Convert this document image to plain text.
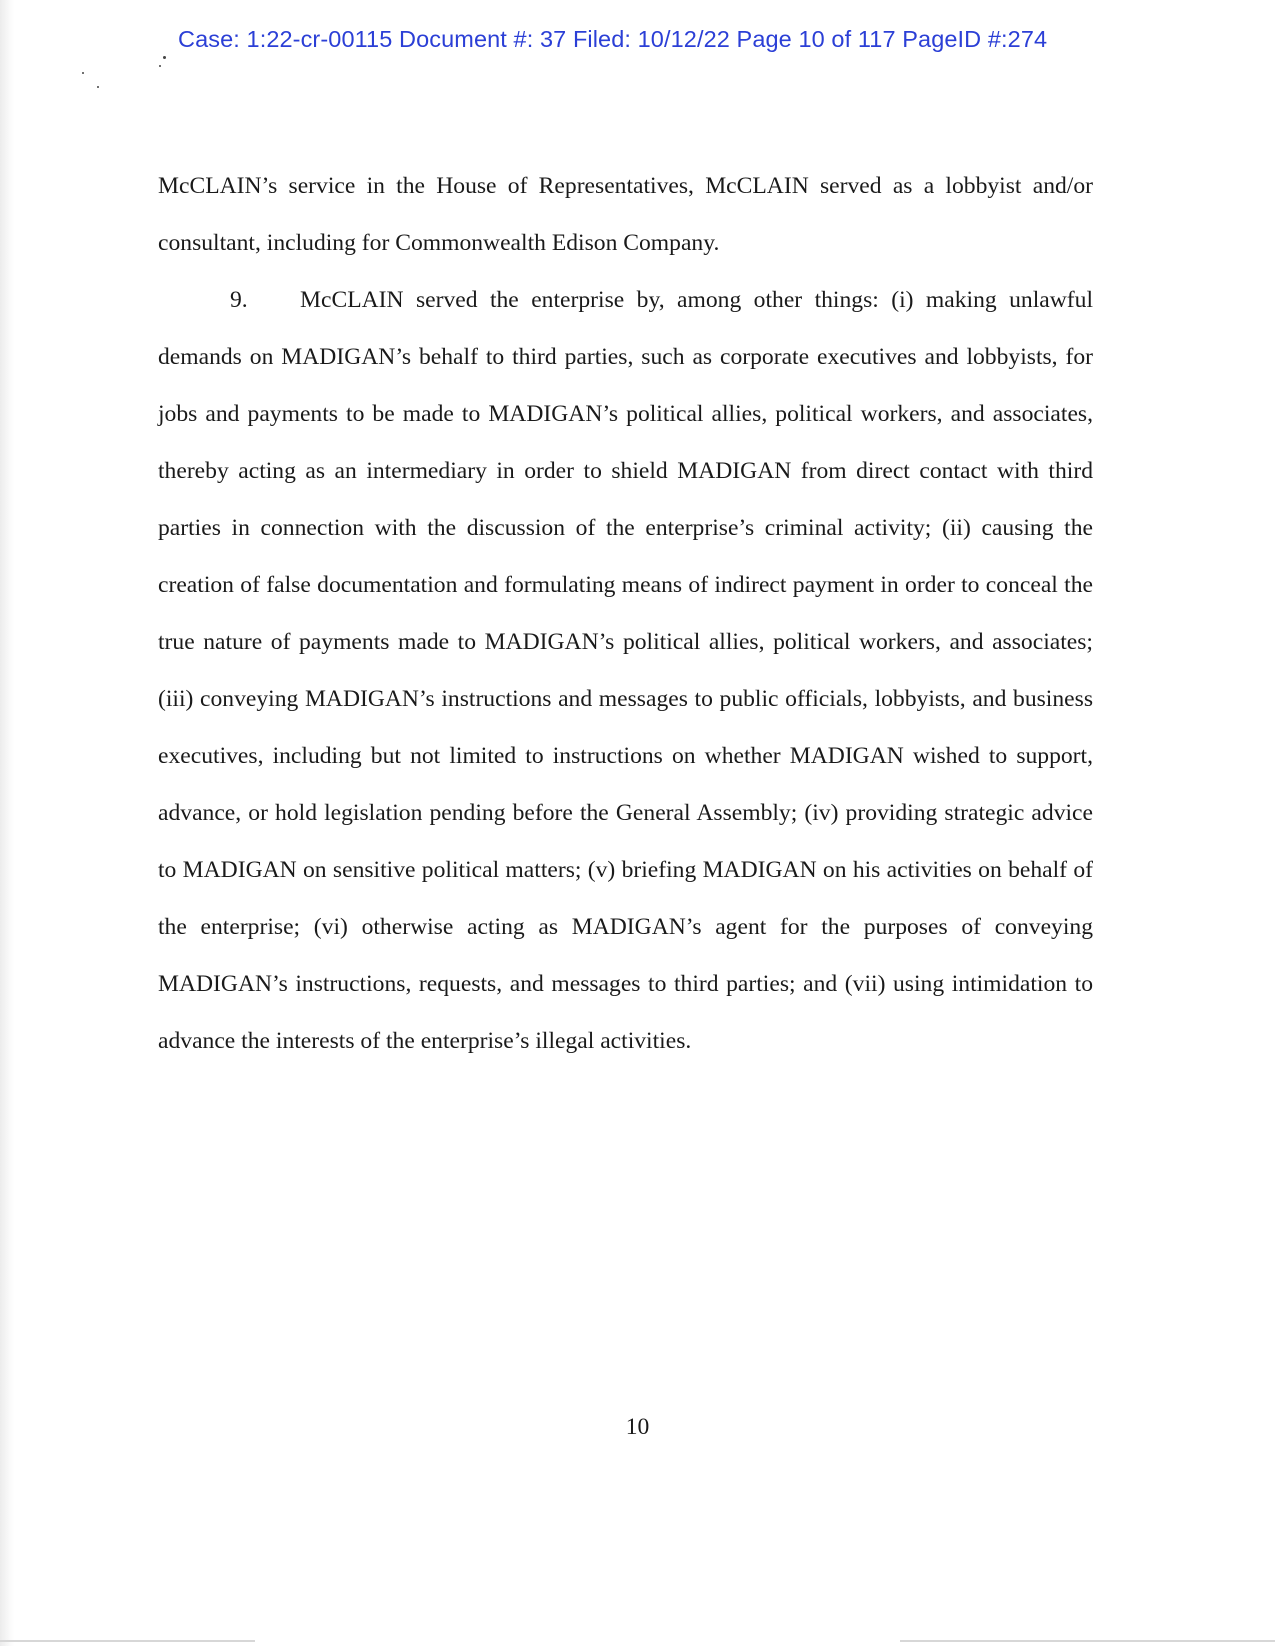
Case: 1:22-cr-00115 Document #: 37 Filed: 10/12/22 Page 10 of 117 PageID #:274

McCLAIN’s service in the House of Representatives, McCLAIN served as a lobbyist and/or consultant, including for Commonwealth Edison Company.

9. McCLAIN served the enterprise by, among other things: (i) making unlawful demands on MADIGAN’s behalf to third parties, such as corporate executives and lobbyists, for jobs and payments to be made to MADIGAN’s political allies, political workers, and associates, thereby acting as an intermediary in order to shield MADIGAN from direct contact with third parties in connection with the discussion of the enterprise’s criminal activity; (ii) causing the creation of false documentation and formulating means of indirect payment in order to conceal the true nature of payments made to MADIGAN’s political allies, political workers, and associates; (iii) conveying MADIGAN’s instructions and messages to public officials, lobbyists, and business executives, including but not limited to instructions on whether MADIGAN wished to support, advance, or hold legislation pending before the General Assembly; (iv) providing strategic advice to MADIGAN on sensitive political matters; (v) briefing MADIGAN on his activities on behalf of the enterprise; (vi) otherwise acting as MADIGAN’s agent for the purposes of conveying MADIGAN’s instructions, requests, and messages to third parties; and (vii) using intimidation to advance the interests of the enterprise’s illegal activities.

10
